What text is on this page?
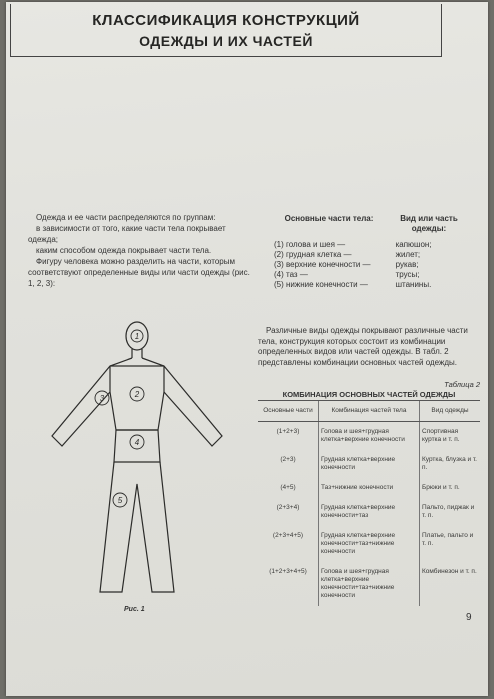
КЛАССИФИКАЦИЯ КОНСТРУКЦИЙ
ОДЕЖДЫ И ИХ ЧАСТЕЙ

Одежда и ее части распределяются по группам:

в зависимости от того, какие части тела покрывает одежда;

каким способом одежда покрывает части тела.

Фигуру человека можно разделить на части, которым соответствуют определенные виды или части одежды (рис. 1, 2, 3):

Основные части тела:	Вид или часть одежды:
(1) голова и шея —	капюшон;
(2) грудная клетка —	жилет;
(3) верхние конечности —	рукав;
(4) таз —	трусы;
(5) нижние конечности —	штанины.
Различные виды одежды покрывают различные части тела, конструкция которых состоит из комбинации определенных видов или частей одежды. В табл. 2 представлены комбинации основных частей одежды.
Таблица 2
КОМБИНАЦИЯ ОСНОВНЫХ ЧАСТЕЙ ОДЕЖДЫ
Основные части	Комбинация частей тела	Вид одежды
(1+2+3)	Голова и шея+грудная клетка+верхние конечности	Спортивная куртка и т. п.
(2+3)	Грудная клетка+верхние конечности	Куртка, блузка и т. п.
(4+5)	Таз+нижние конечности	Брюки и т. п.
(2+3+4)	Грудная клетка+верхние конечности+таз	Пальто, пиджак и т. п.
(2+3+4+5)	Грудная клетка+верхние конечности+таз+нижние конечности	Платье, пальто и т. п.
(1+2+3+4+5)	Голова и шея+грудная клетка+верхние конечности+таз+нижние конечности	Комбинезон и т. п.
1
2
3
4
5
Рис. 1
9
